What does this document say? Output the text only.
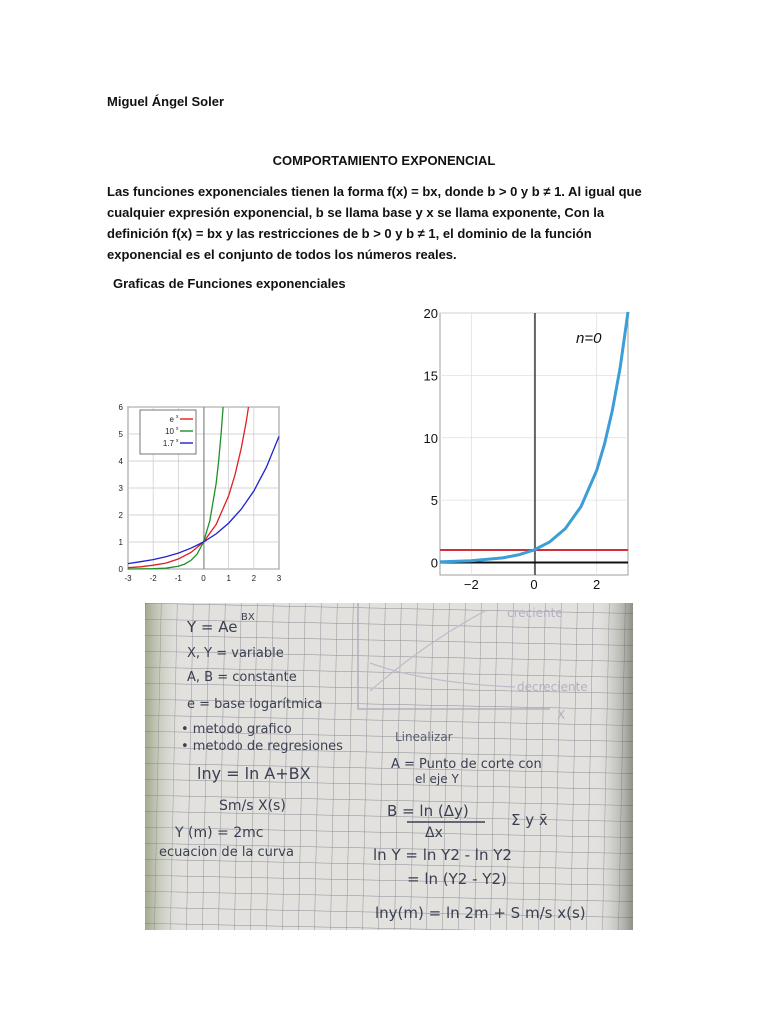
Miguel Ángel Soler
COMPORTAMIENTO EXPONENCIAL
Las funciones exponenciales tienen la forma f(x) = bx, donde b > 0 y b ≠ 1. Al igual que cualquier expresión exponencial, b se llama base y x se llama exponente, Con la definición f(x) = bx y las restricciones de b > 0 y b ≠ 1, el dominio de la función exponencial es el conjunto de todos los números reales.
Graficas de Funciones exponenciales
-3 -2 -1 0	1	2	3
0
1
2
3
4
5
6
e x
10 x
1.7 x
−2	0	2
0
5
10
15
20
n=0
creciente
decreciente
X
Y = Ae
BX
X, Y = variable
A, B = constante
e = base logarítmica
• metodo grafico
• metodo de regresiones
lny = ln A+BX
Sm/s X(s)
Y (m) = 2mc
ecuacion de la curva
Linealizar
A = Punto de corte con
el eje Y
B = ln (Δy)
Δx
Σ y x̄
ln Y = ln Y2 - ln Y2
= ln (Y2 - Y2)
lny(m) = ln 2m + S m/s x(s)
